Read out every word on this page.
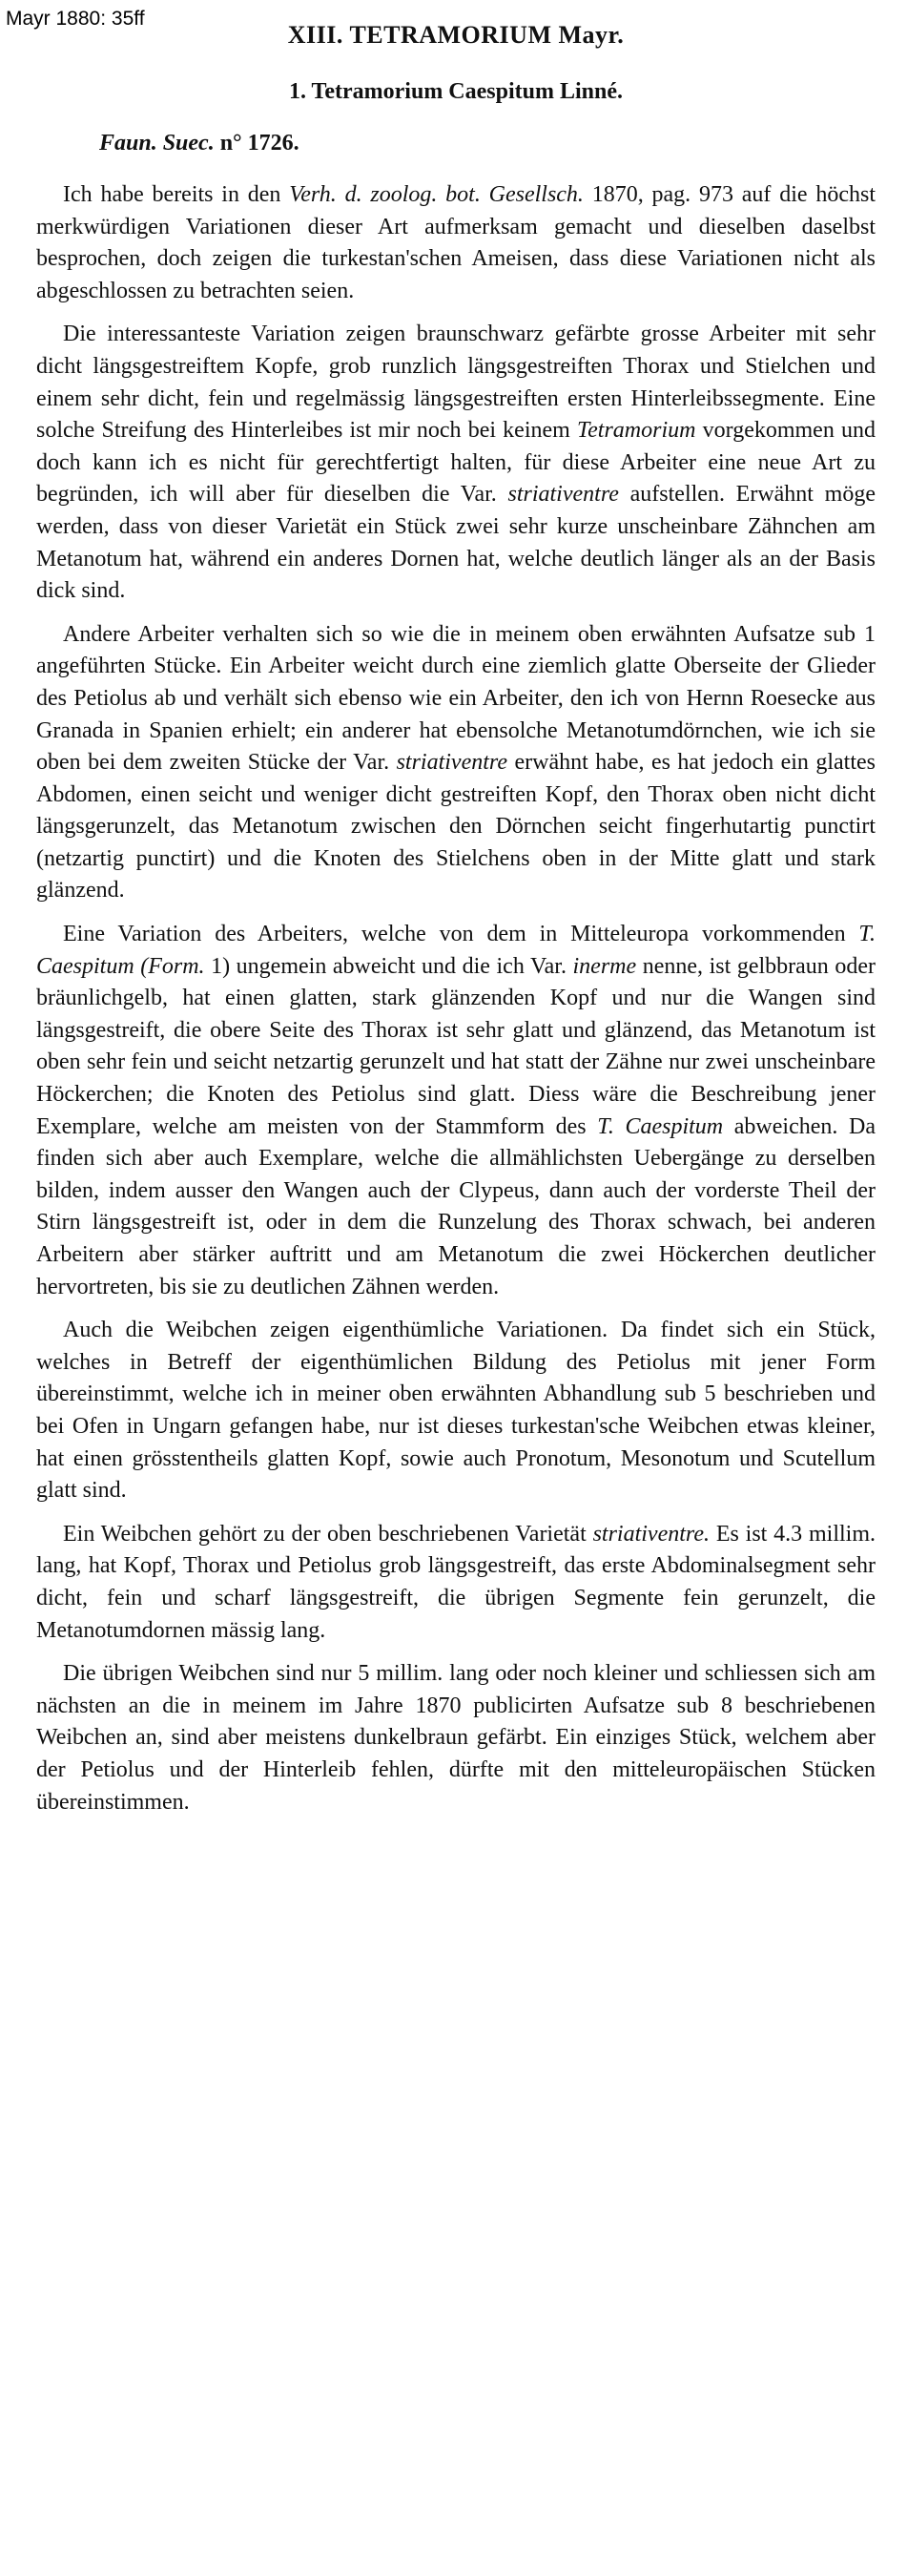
Mayr 1880: 35ff
XIII. TETRAMORIUM Mayr.
1. Tetramorium Caespitum Linné.
Faun. Suec. n° 1726.

Ich habe bereits in den Verh. d. zoolog. bot. Gesellsch. 1870, pag. 973 auf die höchst merkwürdigen Variationen dieser Art aufmerksam gemacht und dieselben daselbst besprochen, doch zeigen die turkestan'schen Ameisen, dass diese Variationen nicht als abgeschlossen zu betrachten seien.

Die interessanteste Variation zeigen braunschwarz gefärbte grosse Arbeiter mit sehr dicht längsgestreiftem Kopfe, grob runzlich längsgestreiften Thorax und Stielchen und einem sehr dicht, fein und regelmässig längsgestreiften ersten Hinterleibssegmente. Eine solche Streifung des Hinterleibes ist mir noch bei keinem Tetramorium vorgekommen und doch kann ich es nicht für gerechtfertigt halten, für diese Arbeiter eine neue Art zu begründen, ich will aber für dieselben die Var. striativentre aufstellen. Erwähnt möge werden, dass von dieser Varietät ein Stück zwei sehr kurze unscheinbare Zähnchen am Metanotum hat, während ein anderes Dornen hat, welche deutlich länger als an der Basis dick sind.

Andere Arbeiter verhalten sich so wie die in meinem oben erwähnten Aufsatze sub 1 angeführten Stücke. Ein Arbeiter weicht durch eine ziemlich glatte Oberseite der Glieder des Petiolus ab und verhält sich ebenso wie ein Arbeiter, den ich von Hernn Roesecke aus Granada in Spanien erhielt; ein anderer hat ebensolche Metanotumdörnchen, wie ich sie oben bei dem zweiten Stücke der Var. striativentre erwähnt habe, es hat jedoch ein glattes Abdomen, einen seicht und weniger dicht gestreiften Kopf, den Thorax oben nicht dicht längsgerunzelt, das Metanotum zwischen den Dörnchen seicht fingerhutartig punctirt (netzartig punctirt) und die Knoten des Stielchens oben in der Mitte glatt und stark glänzend.

Eine Variation des Arbeiters, welche von dem in Mitteleuropa vorkommenden T. Caespitum (Form. 1) ungemein abweicht und die ich Var. inerme nenne, ist gelbbraun oder bräunlichgelb, hat einen glatten, stark glänzenden Kopf und nur die Wangen sind längsgestreift, die obere Seite des Thorax ist sehr glatt und glänzend, das Metanotum ist oben sehr fein und seicht netzartig gerunzelt und hat statt der Zähne nur zwei unscheinbare Höckerchen; die Knoten des Petiolus sind glatt. Diess wäre die Beschreibung jener Exemplare, welche am meisten von der Stammform des T. Caespitum abweichen. Da finden sich aber auch Exemplare, welche die allmählichsten Uebergänge zu derselben bilden, indem ausser den Wangen auch der Clypeus, dann auch der vorderste Theil der Stirn längsgestreift ist, oder in dem die Runzelung des Thorax schwach, bei anderen Arbeitern aber stärker auftritt und am Metanotum die zwei Höckerchen deutlicher hervortreten, bis sie zu deutlichen Zähnen werden.

Auch die Weibchen zeigen eigenthümliche Variationen. Da findet sich ein Stück, welches in Betreff der eigenthümlichen Bildung des Petiolus mit jener Form übereinstimmt, welche ich in meiner oben erwähnten Abhandlung sub 5 beschrieben und bei Ofen in Ungarn gefangen habe, nur ist dieses turkestan'sche Weibchen etwas kleiner, hat einen grösstentheils glatten Kopf, sowie auch Pronotum, Mesonotum und Scutellum glatt sind.

Ein Weibchen gehört zu der oben beschriebenen Varietät striativentre. Es ist 4.3 millim. lang, hat Kopf, Thorax und Petiolus grob längsgestreift, das erste Abdominalsegment sehr dicht, fein und scharf längsgestreift, die übrigen Segmente fein gerunzelt, die Metanotumdornen mässig lang.

Die übrigen Weibchen sind nur 5 millim. lang oder noch kleiner und schliessen sich am nächsten an die in meinem im Jahre 1870 publicirten Aufsatze sub 8 beschriebenen Weibchen an, sind aber meistens dunkelbraun gefärbt. Ein einziges Stück, welchem aber der Petiolus und der Hinterleib fehlen, dürfte mit den mitteleuropäischen Stücken übereinstimmen.
